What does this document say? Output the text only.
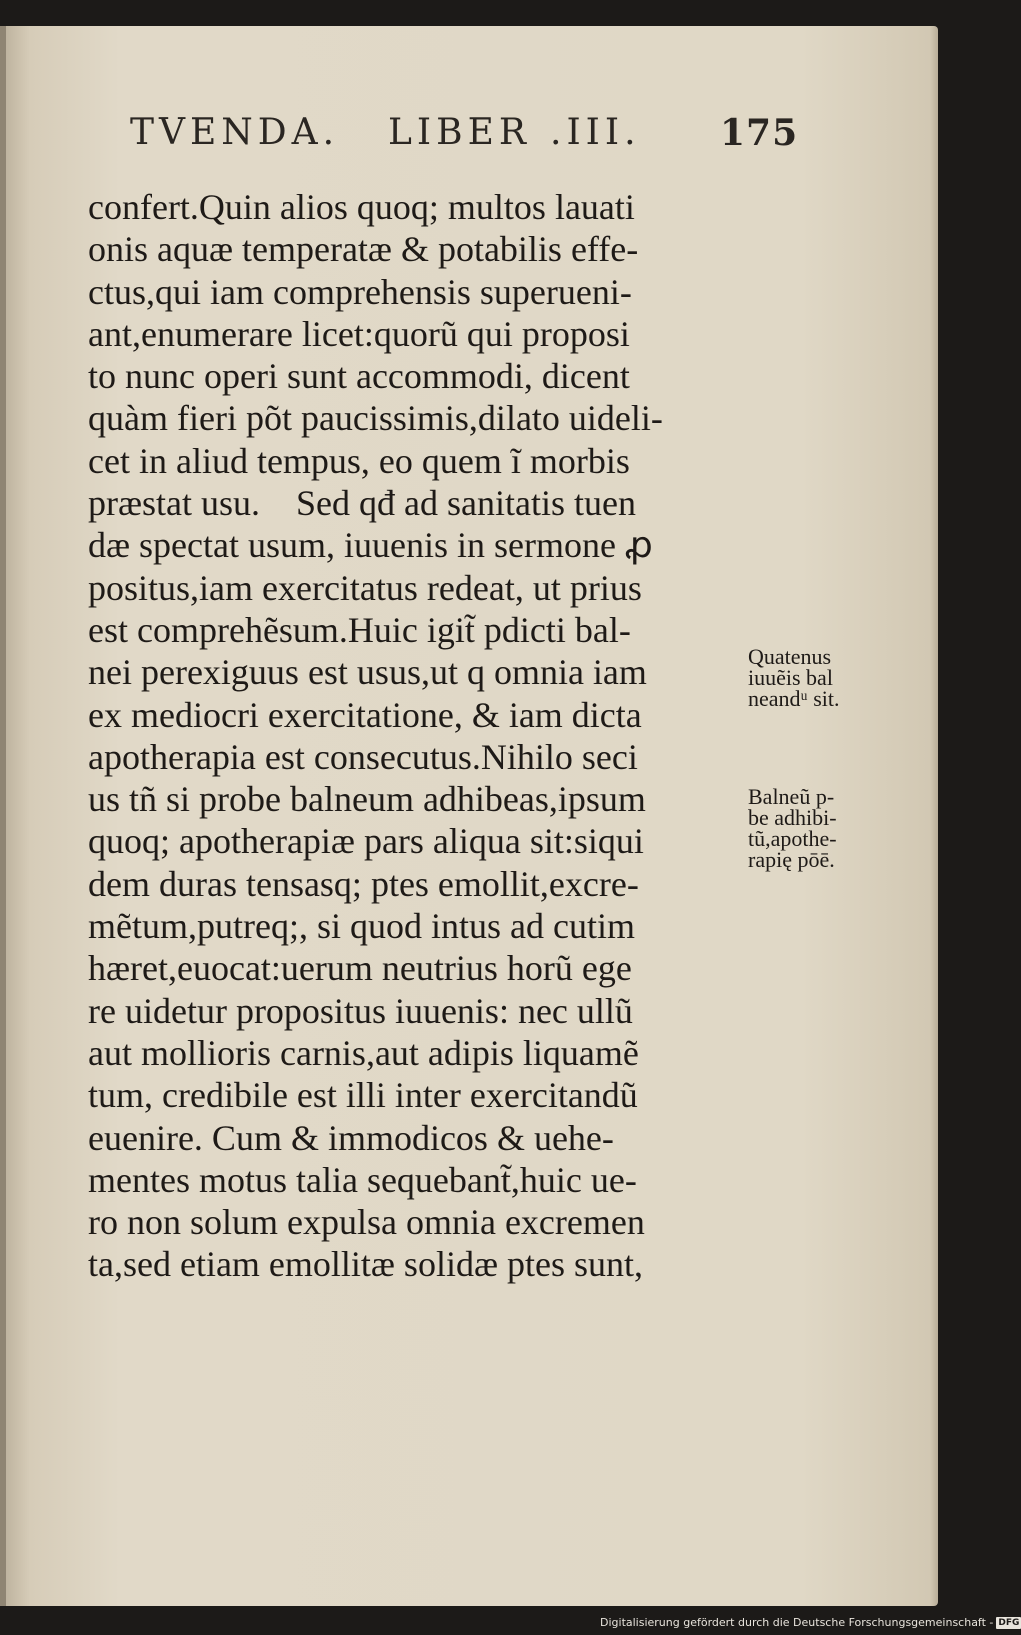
TVENDA. LIBER .III. 175
confert.Quin alios quoq; multos lauati
onis aquæ temperatæ & potabilis effe-
ctus,qui iam comprehensis superueni-
ant,enumerare licet:quorũ qui proposi
to nunc operi sunt accommodi, dicent
quàm fieri põt paucissimis,dilato uideli-
cet in aliud tempus, eo quem ĩ morbis
præstat usu.    Sed qđ ad sanitatis tuen
dæ spectat usum, iuuenis in sermone ꝓ
positus,iam exercitatus redeat, ut prius
est comprehẽsum.Huic igit̃ pdicti bal-
nei perexiguus est usus,ut q omnia iam
ex mediocri exercitatione, & iam dicta
apotherapia est consecutus.Nihilo seci
us tñ si probe balneum adhibeas,ipsum
quoq; apotherapiæ pars aliqua sit:siqui
dem duras tensasq; ptes emollit,excre-
mẽtum,putreq;, si quod intus ad cutim
hæret,euocat:uerum neutrius horũ ege
re uidetur propositus iuuenis: nec ullũ
aut mollioris carnis,aut adipis liquamẽ
tum, credibile est illi inter exercitandũ
euenire. Cum & immodicos & uehe-
mentes motus talia sequebant̃,huic ue-
ro non solum expulsa omnia excremen
ta,sed etiam emollitæ solidæ ptes sunt,
Quatenus
iuuẽis bal
neandᵘ sit.
Balneũ p-
be adhibi-
tũ,apothe-
rapię pōē.
Digitalisierung gefördert durch die Deutsche Forschungsgemeinschaft - DFG
